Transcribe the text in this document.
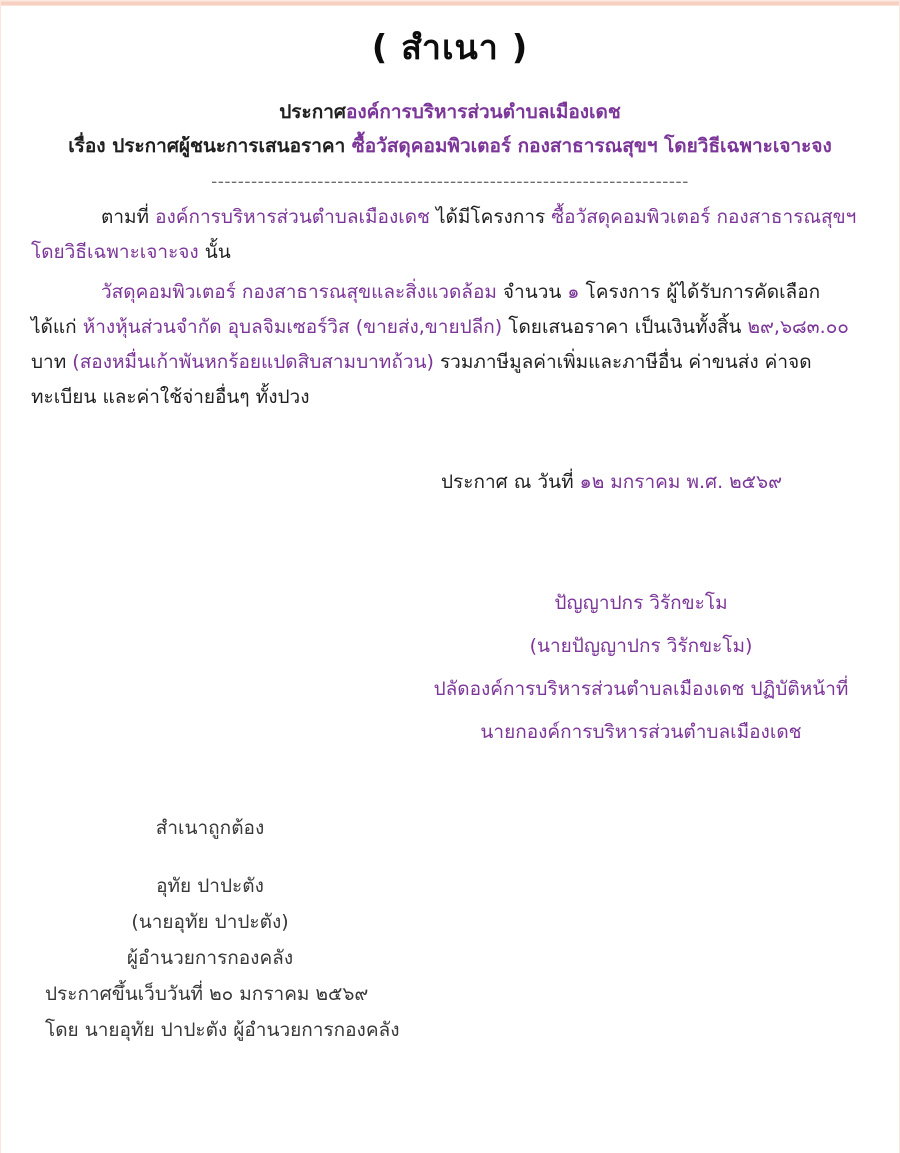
( สำเนา )
ประกาศองค์การบริหารส่วนตำบลเมืองเดช
เรื่อง ประกาศผู้ชนะการเสนอราคา ซื้อวัสดุคอมพิวเตอร์ กองสาธารณสุขฯ โดยวิธีเฉพาะเจาะจง
------------------------------------------------------------------------

ตามที่ องค์การบริหารส่วนตำบลเมืองเดช ได้มีโครงการ ซื้อวัสดุคอมพิวเตอร์ กองสาธารณสุขฯ โดยวิธีเฉพาะเจาะจง นั้น

วัสดุคอมพิวเตอร์ กองสาธารณสุขและสิ่งแวดล้อม จำนวน ๑ โครงการ ผู้ได้รับการคัดเลือก ได้แก่ ห้างหุ้นส่วนจำกัด อุบลจิมเซอร์วิส (ขายส่ง,ขายปลีก) โดยเสนอราคา เป็นเงินทั้งสิ้น ๒๙,๖๘๓.๐๐ บาท (สองหมื่นเก้าพันหกร้อยแปดสิบสามบาทถ้วน) รวมภาษีมูลค่าเพิ่มและภาษีอื่น ค่าขนส่ง ค่าจดทะเบียน และค่าใช้จ่ายอื่นๆ ทั้งปวง

ประกาศ ณ วันที่ ๑๒ มกราคม พ.ศ. ๒๕๖๙
ปัญญาปกร วิรักขะโม
(นายปัญญาปกร วิรักขะโม)
ปลัดองค์การบริหารส่วนตำบลเมืองเดช ปฏิบัติหน้าที่
นายกองค์การบริหารส่วนตำบลเมืองเดช
สำเนาถูกต้อง
อุทัย ปาปะตัง
(นายอุทัย ปาปะตัง)
ผู้อำนวยการกองคลัง
ประกาศขึ้นเว็บวันที่ ๒๐ มกราคม ๒๕๖๙
โดย นายอุทัย ปาปะตัง ผู้อำนวยการกองคลัง
